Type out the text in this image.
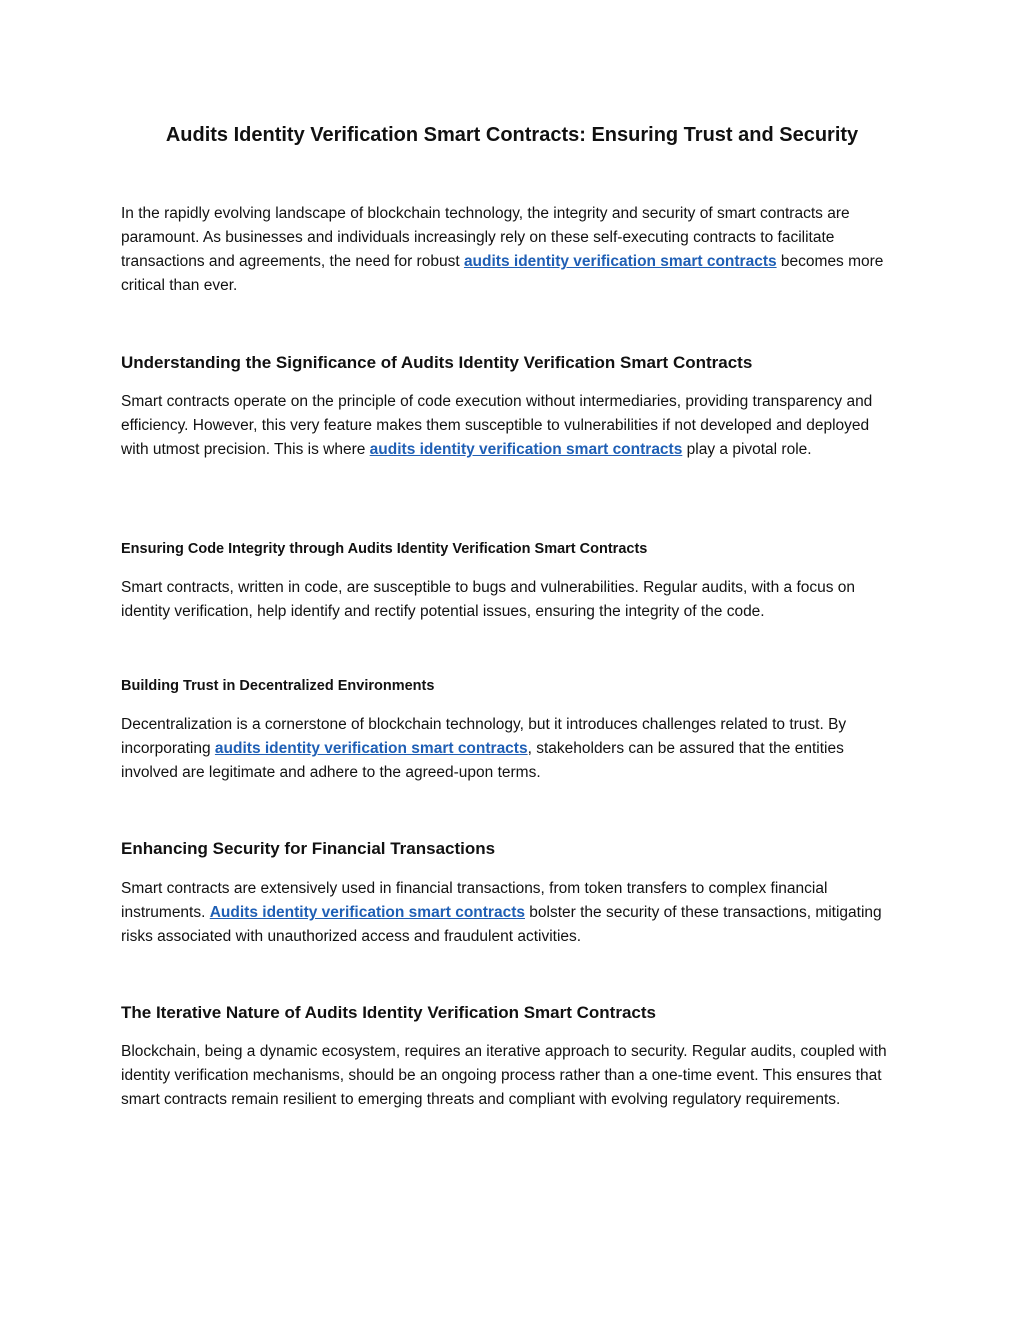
Audits Identity Verification Smart Contracts: Ensuring Trust and Security

In the rapidly evolving landscape of blockchain technology, the integrity and security of smart contracts are paramount. As businesses and individuals increasingly rely on these self-executing contracts to facilitate transactions and agreements, the need for robust audits identity verification smart contracts becomes more critical than ever.

Understanding the Significance of Audits Identity Verification Smart Contracts

Smart contracts operate on the principle of code execution without intermediaries, providing transparency and efficiency. However, this very feature makes them susceptible to vulnerabilities if not developed and deployed with utmost precision. This is where audits identity verification smart contracts play a pivotal role.

Ensuring Code Integrity through Audits Identity Verification Smart Contracts

Smart contracts, written in code, are susceptible to bugs and vulnerabilities. Regular audits, with a focus on identity verification, help identify and rectify potential issues, ensuring the integrity of the code.

Building Trust in Decentralized Environments

Decentralization is a cornerstone of blockchain technology, but it introduces challenges related to trust. By incorporating audits identity verification smart contracts, stakeholders can be assured that the entities involved are legitimate and adhere to the agreed-upon terms.

Enhancing Security for Financial Transactions

Smart contracts are extensively used in financial transactions, from token transfers to complex financial instruments. Audits identity verification smart contracts bolster the security of these transactions, mitigating risks associated with unauthorized access and fraudulent activities.

The Iterative Nature of Audits Identity Verification Smart Contracts

Blockchain, being a dynamic ecosystem, requires an iterative approach to security. Regular audits, coupled with identity verification mechanisms, should be an ongoing process rather than a one-time event. This ensures that smart contracts remain resilient to emerging threats and compliant with evolving regulatory requirements.
